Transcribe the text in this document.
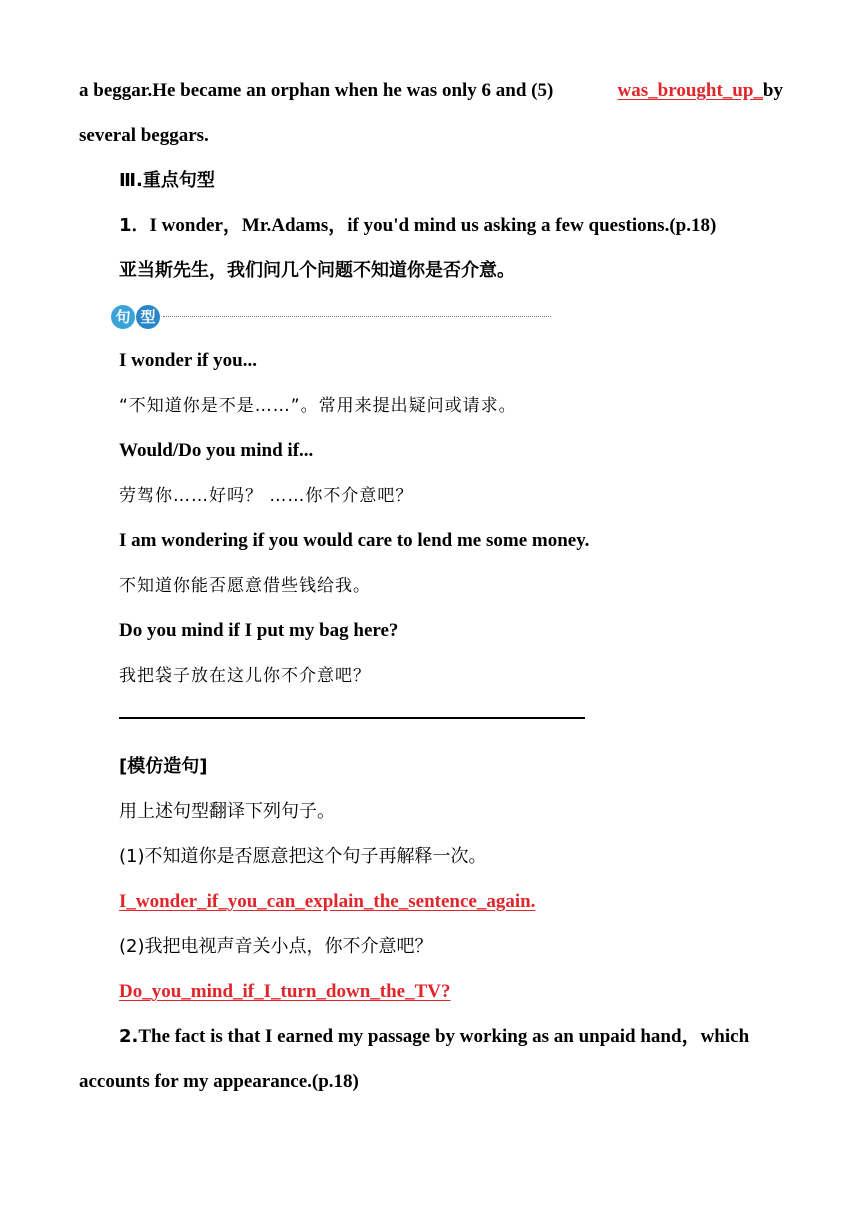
a beggar.He became an orphan when he was only 6 and (5)	was_brought_up_by
several beggars.
Ⅲ.重点句型
1．I wonder，Mr.Adams，if you'd mind us asking a few questions.(p.18)
亚当斯先生，我们问几个问题不知道你是否介意。
句 型
I wonder if you...
“不知道你是不是……”。常用来提出疑问或请求。
Would/Do you mind if...
劳驾你……好吗？ ……你不介意吧？
I am wondering if you would care to lend me some money.
不知道你能否愿意借些钱给我。
Do you mind if I put my bag here?
我把袋子放在这儿你不介意吧？
[模仿造句]
用上述句型翻译下列句子。
(1)不知道你是否愿意把这个句子再解释一次。
I_wonder_if_you_can_explain_the_sentence_again.
(2)我把电视声音关小点，你不介意吧？
Do_you_mind_if_I_turn_down_the_TV?
2.The fact is that I earned my passage by working as an unpaid hand，which
accounts for my appearance.(p.18)
